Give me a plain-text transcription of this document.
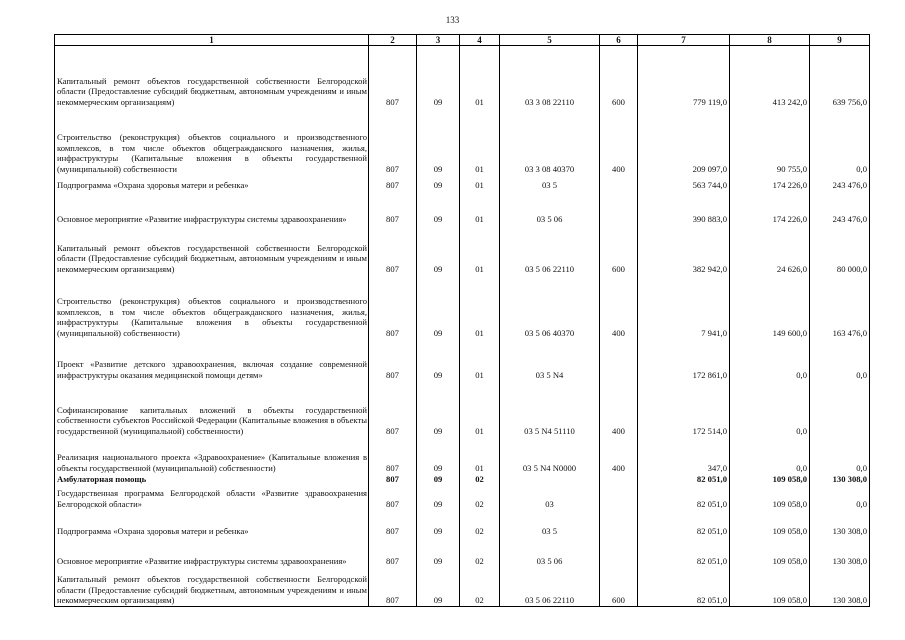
133
1	2	3	4	5	6	7	8	9
Капитальный ремонт объектов государственной собственности Белгородской области (Предоставление субсидий бюджетным, автономным учреждениям и иным некоммерческим организациям)	807	09	01	03 3 08 22110	600	779 119,0	413 242,0	639 756,0
Строительство (реконструкция) объектов социального и производственного комплексов, в том числе объектов общегражданского назначения, жилья, инфраструктуры (Капитальные вложения в объекты государственной (муниципальной) собственности	807	09	01	03 3 08 40370	400	209 097,0	90 755,0	0,0
Подпрограмма «Охрана здоровья матери и ребенка»	807	09	01	03 5		563 744,0	174 226,0	243 476,0
Основное мероприятие «Развитие инфраструктуры системы здравоохранения»	807	09	01	03 5 06		390 883,0	174 226,0	243 476,0
Капитальный ремонт объектов государственной собственности Белгородской области (Предоставление субсидий бюджетным, автономным учреждениям и иным некоммерческим организациям)	807	09	01	03 5 06 22110	600	382 942,0	24 626,0	80 000,0
Строительство (реконструкция) объектов социального и производственного комплексов, в том числе объектов общегражданского назначения, жилья, инфраструктуры (Капитальные вложения в объекты государственной (муниципальной) собственности)	807	09	01	03 5 06 40370	400	7 941,0	149 600,0	163 476,0
Проект «Развитие детского здравоохранения, включая создание современной инфраструктуры оказания медицинской помощи детям»	807	09	01	03 5 N4		172 861,0	0,0	0,0
Софинансирование капитальных вложений в объекты государственной собственности субъектов Российской Федерации (Капитальные вложения в объекты государственной (муниципальной) собственности)	807	09	01	03 5 N4 51110	400	172 514,0	0,0	
Реализация национального проекта «Здравоохранение» (Капитальные вложения в объекты государственной (муниципальной) собственности)	807	09	01	03 5 N4 N0000	400	347,0	0,0	0,0
Амбулаторная помощь	807	09	02			82 051,0	109 058,0	130 308,0
Государственная программа Белгородской области «Развитие здравоохранения Белгородской области»	807	09	02	03		82 051,0	109 058,0	0,0
Подпрограмма «Охрана здоровья матери и ребенка»	807	09	02	03 5		82 051,0	109 058,0	130 308,0
Основное мероприятие «Развитие инфраструктуры системы здравоохранения»	807	09	02	03 5 06		82 051,0	109 058,0	130 308,0
Капитальный ремонт объектов государственной собственности Белгородской области (Предоставление субсидий бюджетным, автономным учреждениям и иным некоммерческим организациям)	807	09	02	03 5 06 22110	600	82 051,0	109 058,0	130 308,0
